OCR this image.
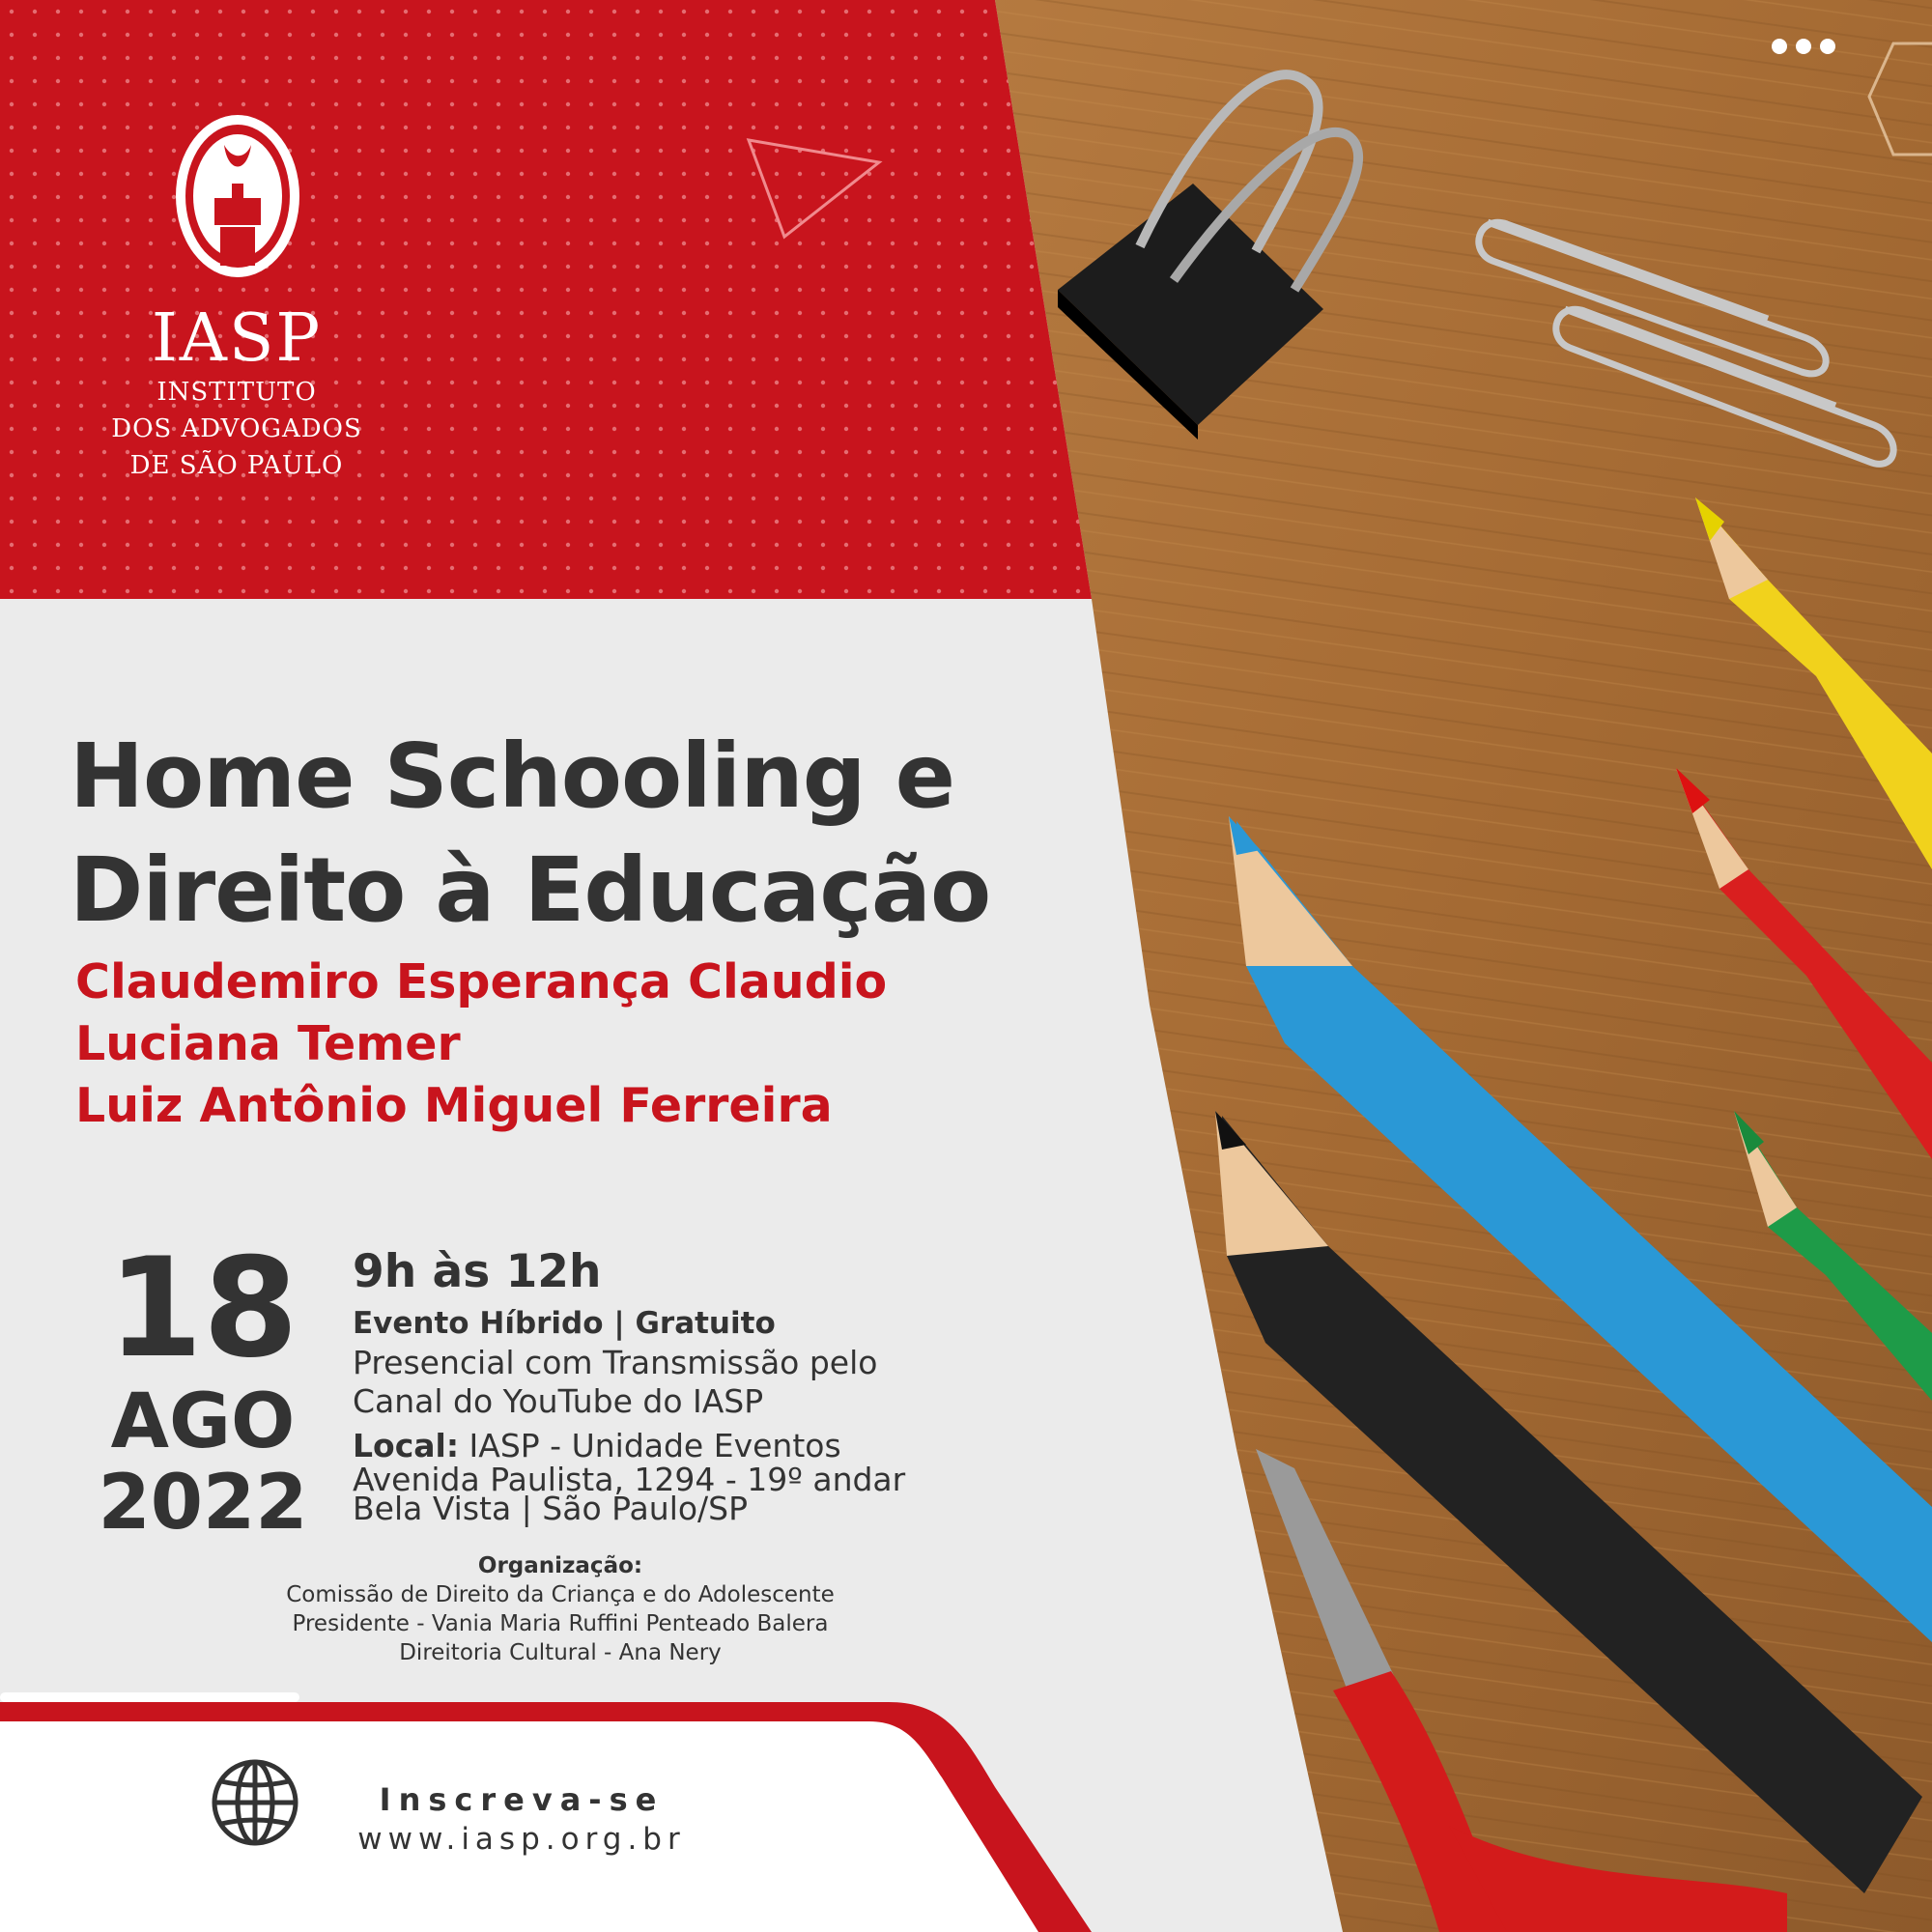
IASP
INSTITUTO
DOS ADVOGADOS
DE SÃO PAULO
Home Schooling e
Direito à Educação
Claudemiro Esperança Claudio
Luciana Temer
Luiz Antônio Miguel Ferreira
18
AGO
2022
9h às 12h
Evento Híbrido | Gratuito
Presencial com Transmissão pelo
Canal do YouTube do IASP
Local: IASP - Unidade Eventos
Avenida Paulista, 1294 - 19º andar
Bela Vista | São Paulo/SP
Organização:
Comissão de Direito da Criança e do Adolescente
Presidente - Vania Maria Ruffini Penteado Balera
Direitoria Cultural - Ana Nery
Inscreva-se
www.iasp.org.br
